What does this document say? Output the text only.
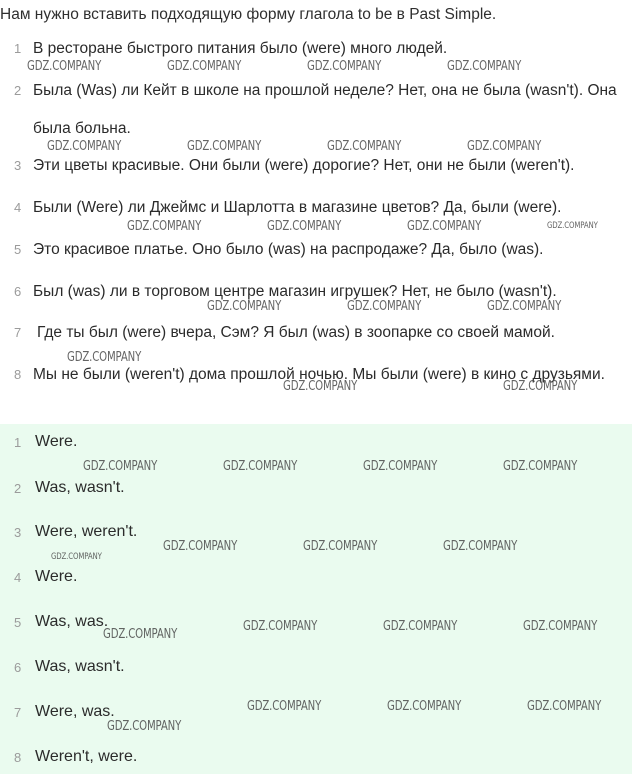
Нам нужно вставить подходящую форму глагола to be в Past Simple.
1 В ресторане быстрого питания было (were) много людей.
2 Была (Was) ли Кейт в школе на прошлой неделе? Нет, она не была (wasn't). Она была больна.
3 Эти цветы красивые. Они были (were) дорогие? Нет, они не были (weren't).
4 Были (Were) ли Джеймс и Шарлотта в магазине цветов? Да, были (were).
5 Это красивое платье. Оно было (was) на распродаже? Да, было (was).
6 Был (was) ли в торговом центре магазин игрушек? Нет, не было (wasn't).
7	Где ты был (were) вчера, Сэм? Я был (was) в зоопарке со своей мамой.
8 Мы не были (weren't) дома прошлой ночью. Мы были (were) в кино с друзьями.
1 Were.
2 Was, wasn't.
3 Were, weren't.
4 Were.
5 Was, was.
6 Was, wasn't.
7 Were, was.
8 Weren't, were.
GDZ.COMPANY	GDZ.COMPANY	GDZ.COMPANY	GDZ.COMPANY
GDZ.COMPANY	GDZ.COMPANY	GDZ.COMPANY	GDZ.COMPANY
GDZ.COMPANY	GDZ.COMPANY	GDZ.COMPANY	GDZ.COMPANY
GDZ.COMPANY	GDZ.COMPANY	GDZ.COMPANY
GDZ.COMPANY
GDZ.COMPANY	GDZ.COMPANY
GDZ.COMPANY	GDZ.COMPANY	GDZ.COMPANY	GDZ.COMPANY
GDZ.COMPANY
GDZ.COMPANY	GDZ.COMPANY	GDZ.COMPANY
GDZ.COMPANY
GDZ.COMPANY	GDZ.COMPANY	GDZ.COMPANY
GDZ.COMPANY	GDZ.COMPANY	GDZ.COMPANY
GDZ.COMPANY
